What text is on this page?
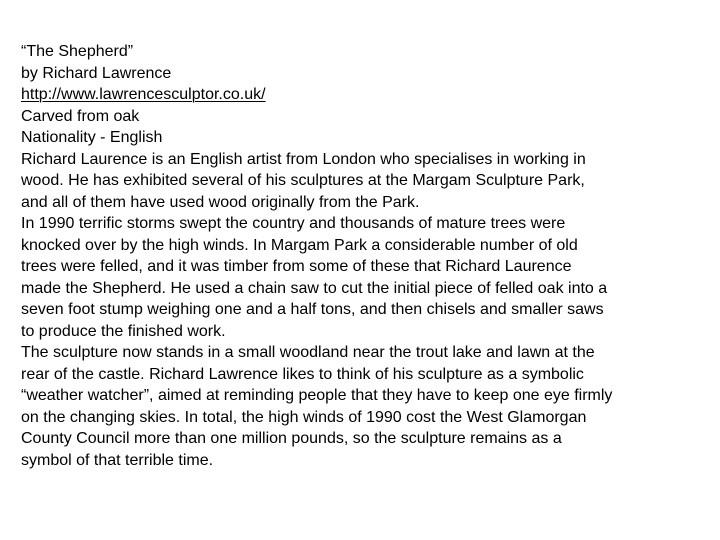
“The Shepherd”
by Richard Lawrence
http://www.lawrencesculptor.co.uk/
Carved from oak
Nationality - English
Richard Laurence is an English artist from London who specialises in working in
wood. He has exhibited several of his sculptures at the Margam Sculpture Park,
and all of them have used wood originally from the Park.
In 1990 terrific storms swept the country and thousands of mature trees were
knocked over by the high winds. In Margam Park a considerable number of old
trees were felled, and it was timber from some of these that Richard Laurence
made the Shepherd. He used a chain saw to cut the initial piece of felled oak into a
seven foot stump weighing one and a half tons, and then chisels and smaller saws
to produce the finished work.
The sculpture now stands in a small woodland near the trout lake and lawn at the
rear of the castle. Richard Lawrence likes to think of his sculpture as a symbolic
“weather watcher”, aimed at reminding people that they have to keep one eye firmly
on the changing skies. In total, the high winds of 1990 cost the West Glamorgan
County Council more than one million pounds, so the sculpture remains as a
symbol of that terrible time.
